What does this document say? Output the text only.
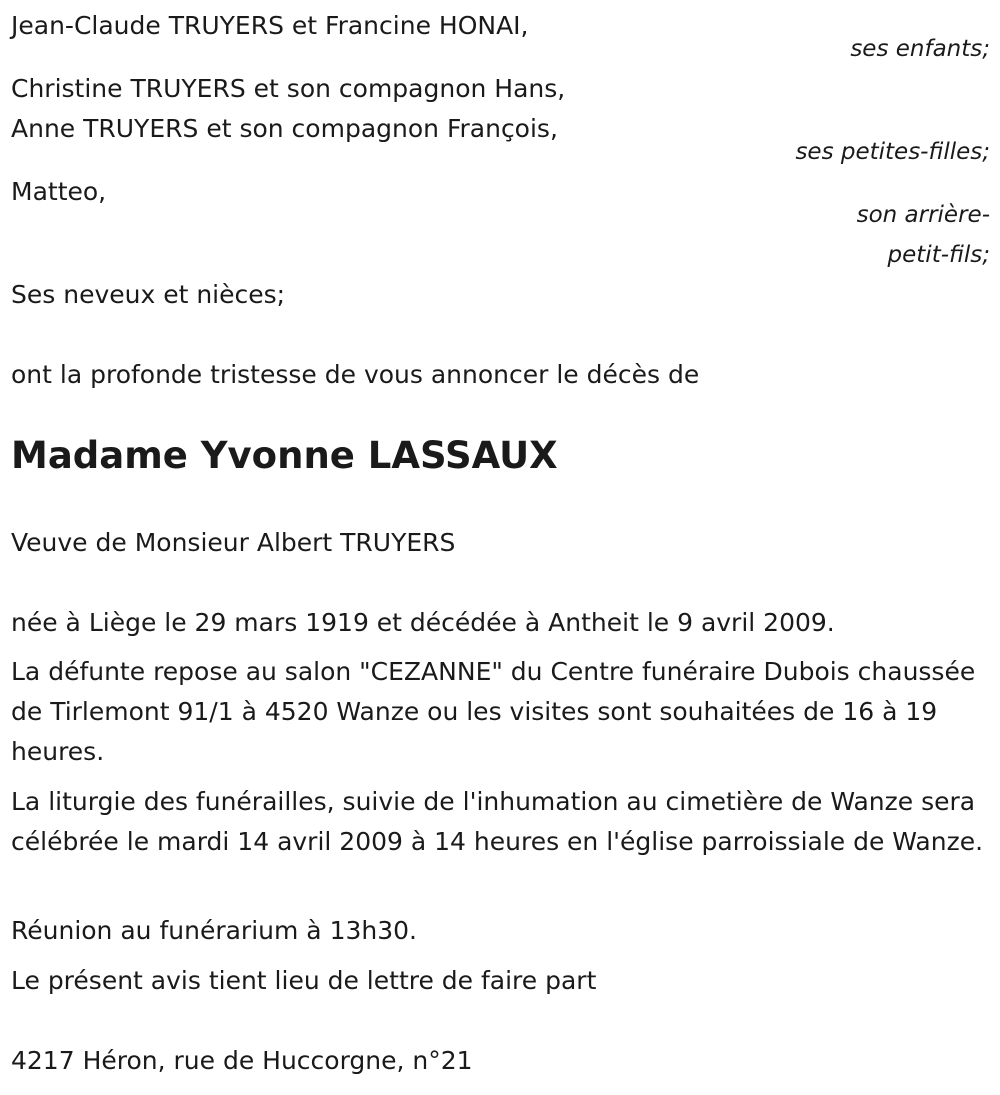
Jean-Claude TRUYERS et Francine HONAI,

ses enfants;

Christine TRUYERS et son compagnon Hans,

Anne TRUYERS et son compagnon François,

ses petites-filles;

Matteo,

son arrière-

petit-fils;

Ses neveux et nièces;

ont la profonde tristesse de vous annoncer le décès de

Madame Yvonne LASSAUX

Veuve de Monsieur Albert TRUYERS

née à Liège le 29 mars 1919 et décédée à Antheit le 9 avril 2009.

La défunte repose au salon "CEZANNE" du Centre funéraire Dubois chaussée de Tirlemont 91/1 à 4520 Wanze ou les visites sont souhaitées de 16 à 19 heures.

La liturgie des funérailles, suivie de l'inhumation au cimetière de Wanze sera célébrée le mardi 14 avril 2009 à 14 heures en l'église parroissiale de Wanze.

Réunion au funérarium à 13h30.

Le présent avis tient lieu de lettre de faire part

4217 Héron, rue de Huccorgne, n°21
